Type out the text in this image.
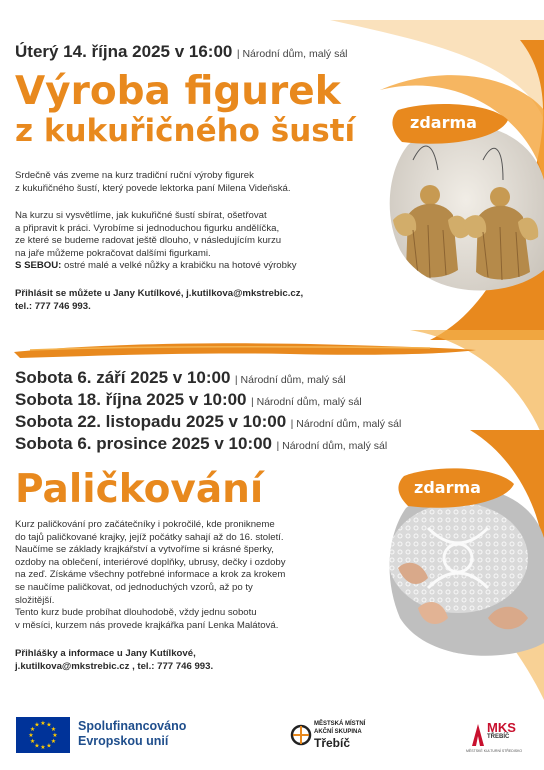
Úterý 14. října 2025 v 16:00 | Národní dům, malý sál
Výroba figurek
z kukuřičného šustí	zdarma
Srdečně vás zveme na kurz tradiční ruční výroby figurek
z kukuřičného šustí, který povede lektorka paní Milena Videňská.
Na kurzu si vysvětlíme, jak kukuřičné šustí sbírat, ošetřovat
a připravit k práci. Vyrobíme si jednoduchou figurku andělíčka,
ze které se budeme radovat ještě dlouho, v následujícím kurzu
na jaře můžeme pokračovat dalšími figurkami.
S SEBOU: ostré malé a velké nůžky a krabičku na hotové výrobky
Přihlásit se můžete u Jany Kutílkové, j.kutilkova@mkstrebic.cz,
tel.: 777 746 993.
Sobota 6. září 2025 v 10:00 | Národní dům, malý sál
Sobota 18. října 2025 v 10:00 | Národní dům, malý sál
Sobota 22. listopadu 2025 v 10:00 | Národní dům, malý sál
Sobota 6. prosince 2025 v 10:00 | Národní dům, malý sál
Paličkování	zdarma
Kurz paličkování pro začátečníky i pokročilé, kde pronikneme
do tajů paličkované krajky, jejíž počátky sahají až do 16. století.
Naučíme se základy krajkářství a vytvoříme si krásné šperky,
ozdoby na oblečení, interiérové doplňky, ubrusy, dečky i ozdoby
na zeď. Získáme všechny potřebné informace a krok za krokem
se naučíme paličkovat, od jednoduchých vzorů, až po ty
složitější.
Tento kurz bude probíhat dlouhodobě, vždy jednu sobotu
v měsíci, kurzem nás provede krajkářka paní Lenka Malátová.
Přihlášky a informace u Jany Kutílkové,
j.kutilkova@mkstrebic.cz , tel.: 777 746 993.
★ ★
★
★
★
★
★
★
★
★
★
★	Spolufinancováno
Evropskou unií
MĚSTSKÁ MÍSTNÍ
AKČNÍ SKUPINA
Třebíč
MKS
TŘEBÍČ
MĚSTSKÉ KULTURNÍ STŘEDISKO
